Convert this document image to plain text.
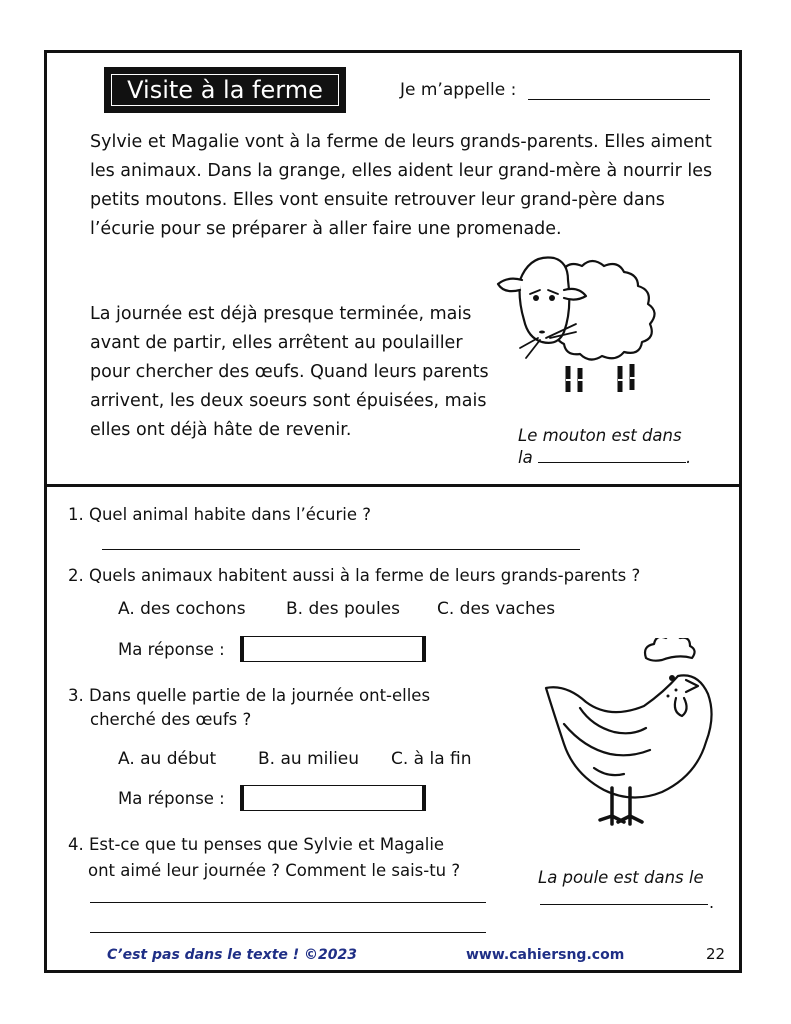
Visite à la ferme	Je m’appelle :
Sylvie et Magalie vont à la ferme de leurs grands-parents. Elles aiment les animaux. Dans la grange, elles aident leur grand-mère à nourrir les petits moutons. Elles vont ensuite retrouver leur grand-père dans l’écurie pour se préparer à aller faire une promenade.
La journée est déjà presque terminée, mais avant de partir, elles arrêtent au poulailler pour chercher des œufs. Quand leurs parents arrivent, les deux soeurs sont épuisées, mais elles ont déjà hâte de revenir.	Le mouton est dans
la	.
1. Quel animal habite dans l’écurie ?
2. Quels animaux habitent aussi à la ferme de leurs grands-parents ?
A. des cochons B. des poules C. des vaches
Ma réponse :
3. Dans quelle partie de la journée ont-elles
cherché des œufs ?
A. au début B. au milieu C. à la fin
Ma réponse :
4. Est-ce que tu penses que Sylvie et Magalie
ont aimé leur journée ? Comment le sais-tu ?	La poule est dans le
.
C’est pas dans le texte ! ©2023	www.cahiersng.com	22
